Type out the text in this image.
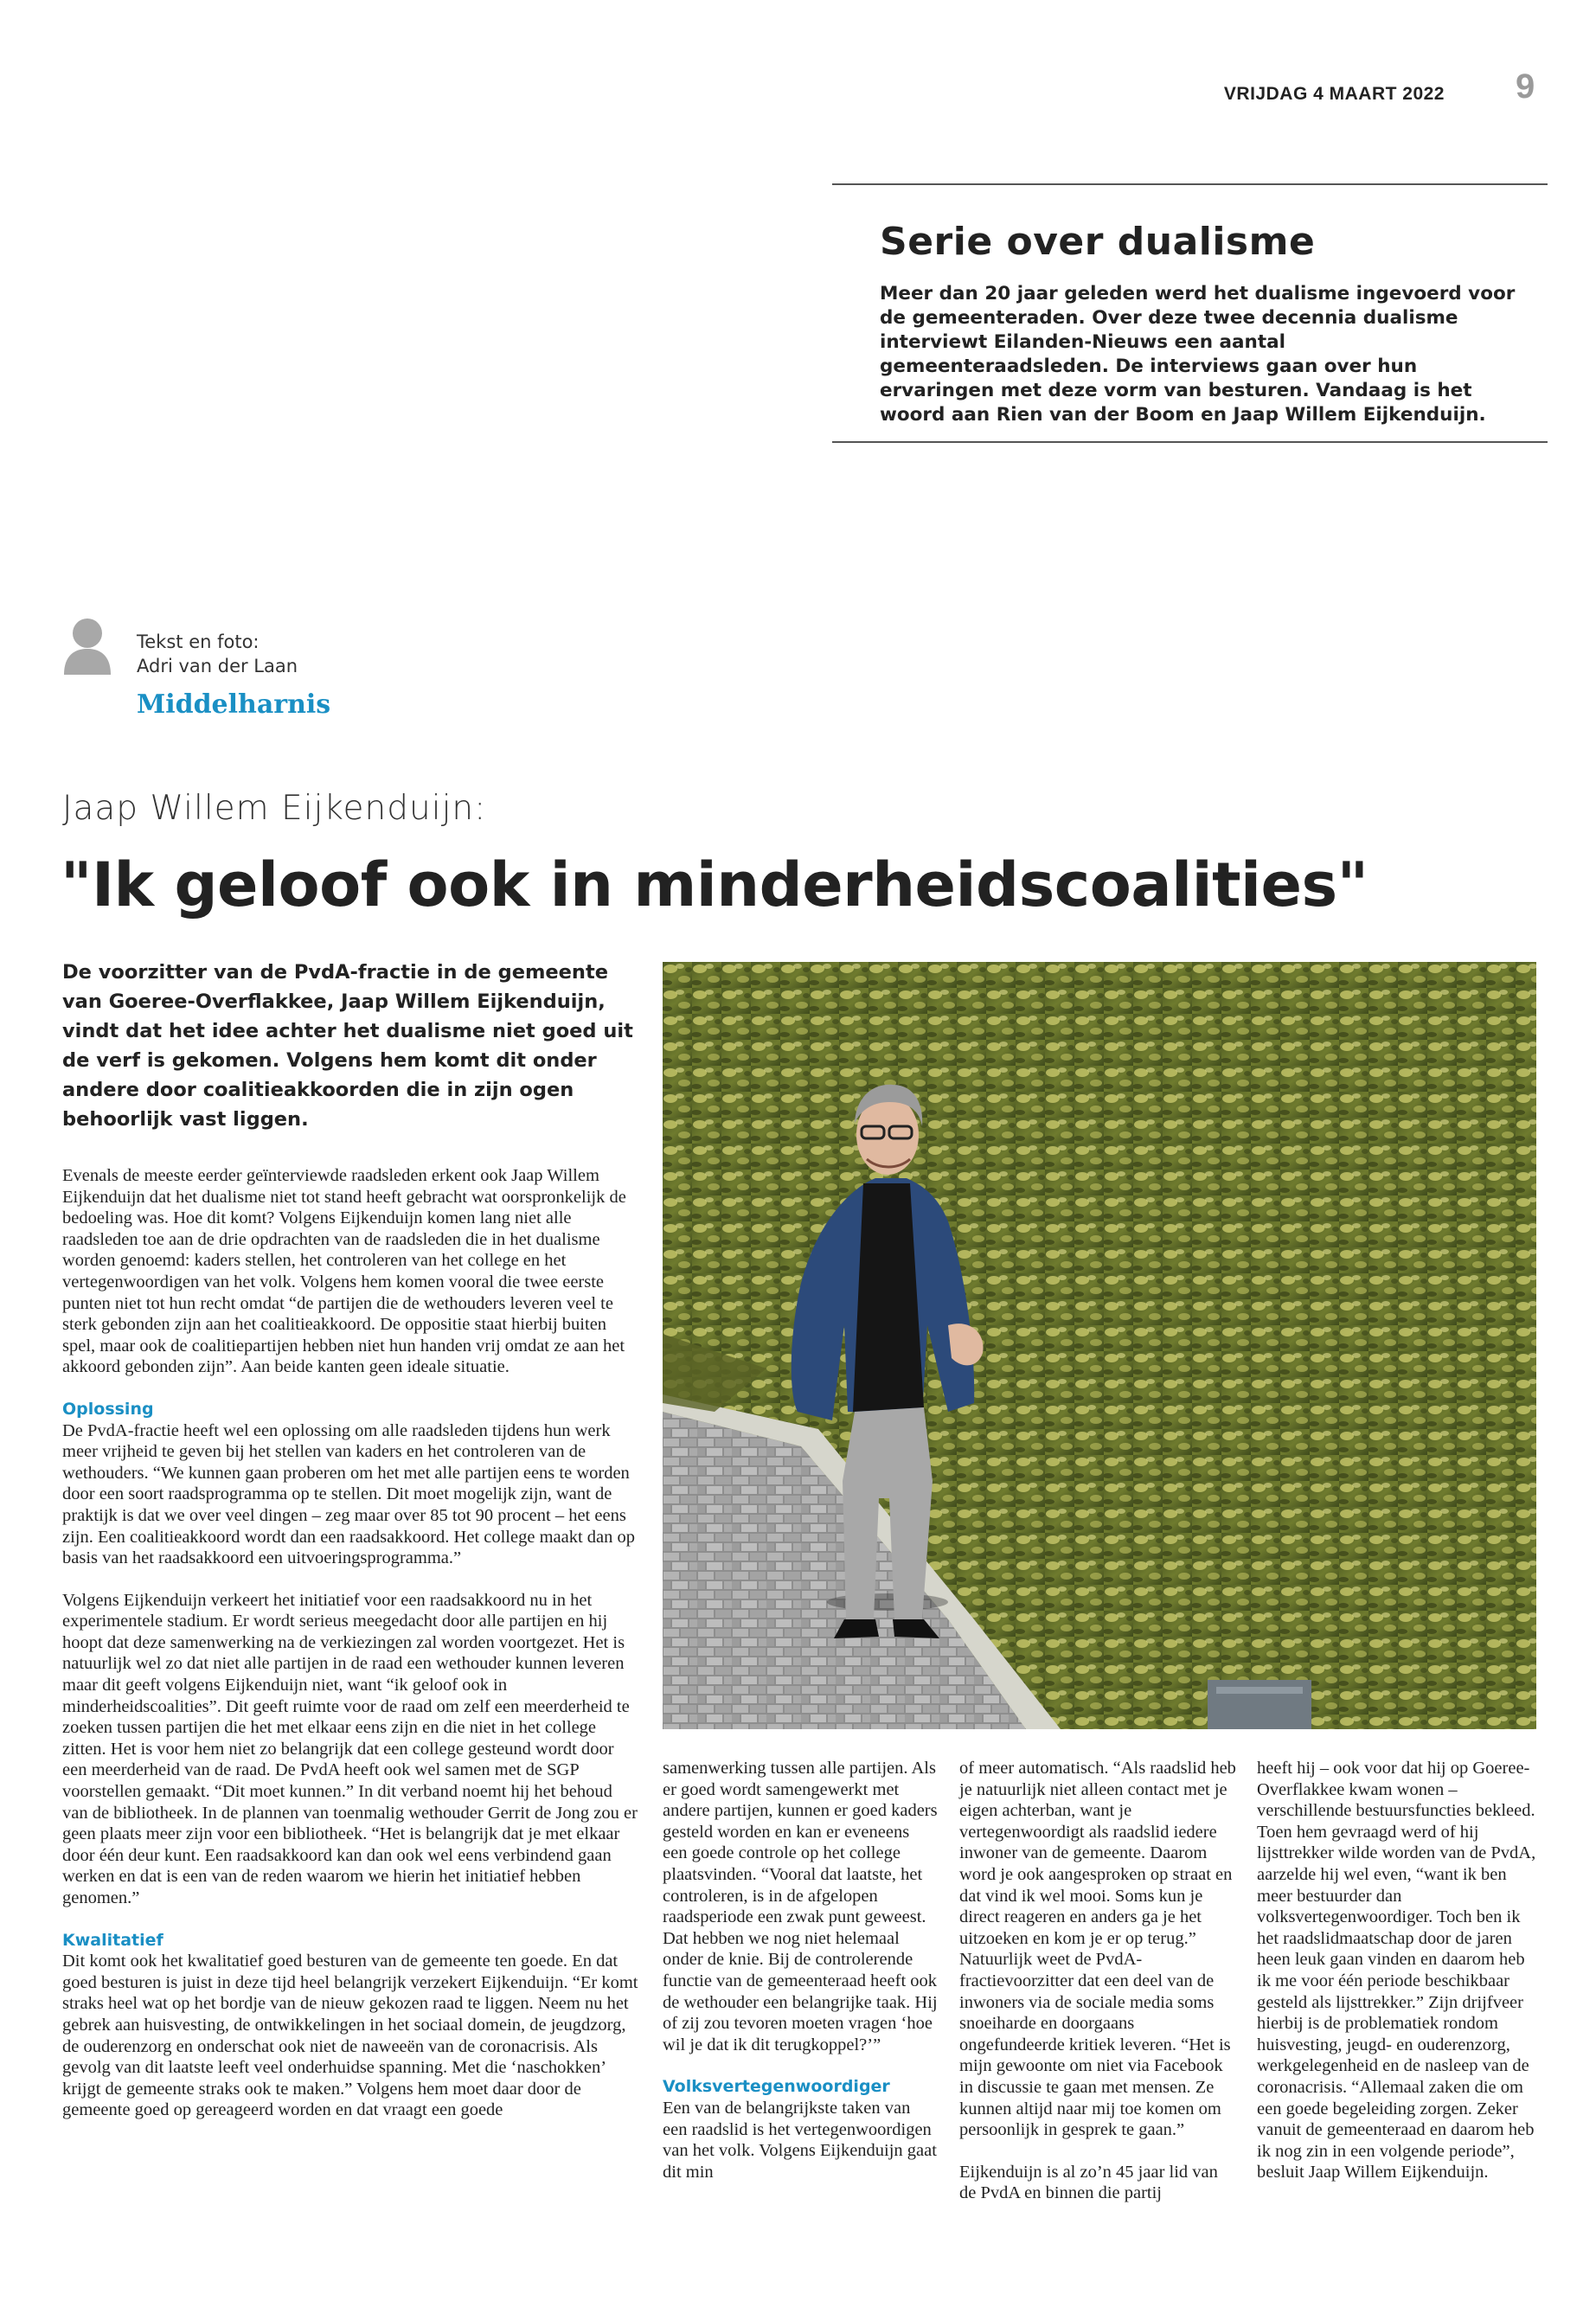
VRIJDAG 4 MAART 2022 9
Serie over dualisme
Meer dan 20 jaar geleden werd het dualisme ingevoerd voor de gemeenteraden. Over deze twee decennia dualisme interviewt Eilanden-Nieuws een aantal gemeenteraadsleden. De interviews gaan over hun ervaringen met deze vorm van besturen. Vandaag is het woord aan Rien van der Boom en Jaap Willem Eijkenduijn.
Tekst en foto:
Adri van der Laan
Middelharnis
Jaap Willem Eijkenduijn:
"Ik geloof ook in minderheidscoalities"
De voorzitter van de PvdA-fractie in de gemeente van Goeree-Overflakkee, Jaap Willem Eijkenduijn, vindt dat het idee achter het dualisme niet goed uit de verf is gekomen. Volgens hem komt dit onder andere door coalitieakkoorden die in zijn ogen behoorlijk vast liggen.

Evenals de meeste eerder geïnterviewde raadsleden erkent ook Jaap Willem Eijkenduijn dat het dualisme niet tot stand heeft gebracht wat oorspronkelijk de bedoeling was. Hoe dit komt? Volgens Eijkenduijn komen lang niet alle raadsleden toe aan de drie opdrachten van de raadsleden die in het dualisme worden genoemd: kaders stellen, het controleren van het college en het vertegenwoordigen van het volk. Volgens hem komen vooral die twee eerste punten niet tot hun recht omdat “de partijen die de wethouders leveren veel te sterk gebonden zijn aan het coalitieakkoord. De oppositie staat hierbij buiten spel, maar ook de coalitiepartijen hebben niet hun handen vrij omdat ze aan het akkoord gebonden zijn”. Aan beide kanten geen ideale situatie.

Oplossing

De PvdA-fractie heeft wel een oplossing om alle raadsleden tijdens hun werk meer vrijheid te geven bij het stellen van kaders en het controleren van de wethouders. “We kunnen gaan proberen om het met alle partijen eens te worden door een soort raadsprogramma op te stellen. Dit moet mogelijk zijn, want de praktijk is dat we over veel dingen – zeg maar over 85 tot 90 procent – het eens zijn. Een coalitieakkoord wordt dan een raadsakkoord. Het college maakt dan op basis van het raadsakkoord een uitvoeringsprogramma.”

Volgens Eijkenduijn verkeert het initiatief voor een raadsakkoord nu in het experimentele stadium. Er wordt serieus meegedacht door alle partijen en hij hoopt dat deze samenwerking na de verkiezingen zal worden voortgezet. Het is natuurlijk wel zo dat niet alle partijen in de raad een wethouder kunnen leveren maar dit geeft volgens Eijkenduijn niet, want “ik geloof ook in minderheidscoalities”. Dit geeft ruimte voor de raad om zelf een meerderheid te zoeken tussen partijen die het met elkaar eens zijn en die niet in het college zitten. Het is voor hem niet zo belangrijk dat een college gesteund wordt door een meerderheid van de raad. De PvdA heeft ook wel samen met de SGP voorstellen gemaakt. “Dit moet kunnen.” In dit verband noemt hij het behoud van de bibliotheek. In de plannen van toenmalig wethouder Gerrit de Jong zou er geen plaats meer zijn voor een bibliotheek. “Het is belangrijk dat je met elkaar door één deur kunt. Een raadsakkoord kan dan ook wel eens verbindend gaan werken en dat is een van de reden waarom we hierin het initiatief hebben genomen.”

Kwalitatief

Dit komt ook het kwalitatief goed besturen van de gemeente ten goede. En dat goed besturen is juist in deze tijd heel belangrijk verzekert Eijkenduijn. “Er komt straks heel wat op het bordje van de nieuw gekozen raad te liggen. Neem nu het gebrek aan huisvesting, de ontwikkelingen in het sociaal domein, de jeugdzorg, de ouderenzorg en onderschat ook niet de naweeën van de coronacrisis. Als gevolg van dit laatste leeft veel onderhuidse spanning. Met die ‘naschokken’ krijgt de gemeente straks ook te maken.” Volgens hem moet daar door de gemeente goed op gereageerd worden en dat vraagt een goede

samenwerking tussen alle partijen. Als er goed wordt samengewerkt met andere partijen, kunnen er goed kaders gesteld worden en kan er eveneens een goede controle op het college plaatsvinden. “Vooral dat laatste, het controleren, is in de afgelopen raadsperiode een zwak punt geweest. Dat hebben we nog niet helemaal onder de knie. Bij de controlerende functie van de gemeenteraad heeft ook de wethouder een belangrijke taak. Hij of zij zou tevoren moeten vragen ‘hoe wil je dat ik dit terugkoppel?’”

Volksvertegenwoordiger

Een van de belangrijkste taken van een raadslid is het vertegenwoordigen van het volk. Volgens Eijkenduijn gaat dit min

of meer automatisch. “Als raadslid heb je natuurlijk niet alleen contact met je eigen achterban, want je vertegenwoordigt als raadslid iedere inwoner van de gemeente. Daarom word je ook aangesproken op straat en dat vind ik wel mooi. Soms kun je direct reageren en anders ga je het uitzoeken en kom je er op terug.” Natuurlijk weet de PvdA-fractievoorzitter dat een deel van de inwoners via de sociale media soms snoeiharde en doorgaans ongefundeerde kritiek leveren. “Het is mijn gewoonte om niet via Facebook in discussie te gaan met mensen. Ze kunnen altijd naar mij toe komen om persoonlijk in gesprek te gaan.”

Eijkenduijn is al zo’n 45 jaar lid van de PvdA en binnen die partij

heeft hij – ook voor dat hij op Goeree-Overflakkee kwam wonen – verschillende bestuursfuncties bekleed. Toen hem gevraagd werd of hij lijsttrekker wilde worden van de PvdA, aarzelde hij wel even, “want ik ben meer bestuurder dan volksvertegenwoordiger. Toch ben ik het raadslidmaatschap door de jaren heen leuk gaan vinden en daarom heb ik me voor één periode beschikbaar gesteld als lijsttrekker.” Zijn drijfveer hierbij is de problematiek rondom huisvesting, jeugd- en ouderenzorg, werkgelegenheid en de nasleep van de coronacrisis. “Allemaal zaken die om een goede begeleiding zorgen. Zeker vanuit de gemeenteraad en daarom heb ik nog zin in een volgende periode”, besluit Jaap Willem Eijkenduijn.
